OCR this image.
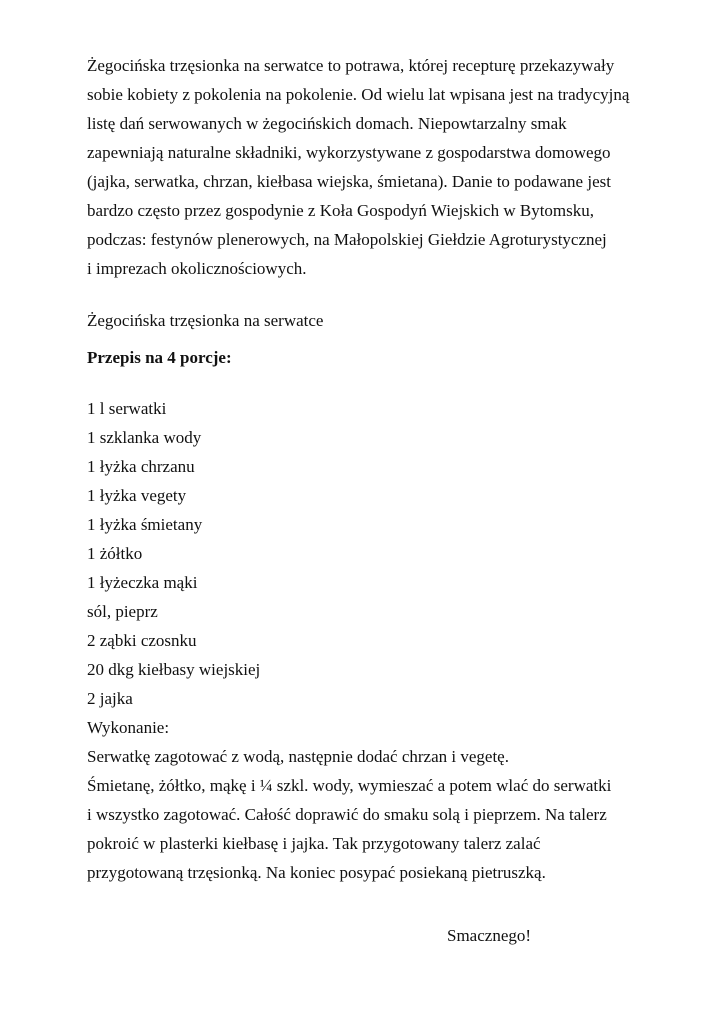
Żegocińska trzęsionka na serwatce to potrawa, której recepturę przekazywały
sobie kobiety z pokolenia na pokolenie. Od wielu lat wpisana jest na tradycyjną
listę dań serwowanych w żegocińskich domach. Niepowtarzalny smak
zapewniają naturalne składniki, wykorzystywane z gospodarstwa domowego
(jajka, serwatka, chrzan, kiełbasa wiejska, śmietana). Danie to podawane jest
bardzo często przez gospodynie z Koła Gospodyń Wiejskich w Bytomsku,
podczas: festynów plenerowych, na Małopolskiej Giełdzie Agroturystycznej
i imprezach okolicznościowych.
Żegocińska trzęsionka na serwatce
Przepis na 4 porcje:
1 l serwatki
1 szklanka wody
1 łyżka chrzanu
1 łyżka vegety
1 łyżka śmietany
1 żółtko
1 łyżeczka mąki
sól, pieprz
2 ząbki czosnku
20 dkg kiełbasy wiejskiej
2 jajka
Wykonanie:
Serwatkę zagotować z wodą, następnie dodać chrzan i vegetę.
Śmietanę, żółtko, mąkę i ¼ szkl. wody, wymieszać a potem wlać do serwatki
i wszystko zagotować. Całość doprawić do smaku solą i pieprzem. Na talerz
pokroić w plasterki kiełbasę i jajka. Tak przygotowany talerz zalać
przygotowaną trzęsionką. Na koniec posypać posiekaną pietruszką.
Smacznego!
